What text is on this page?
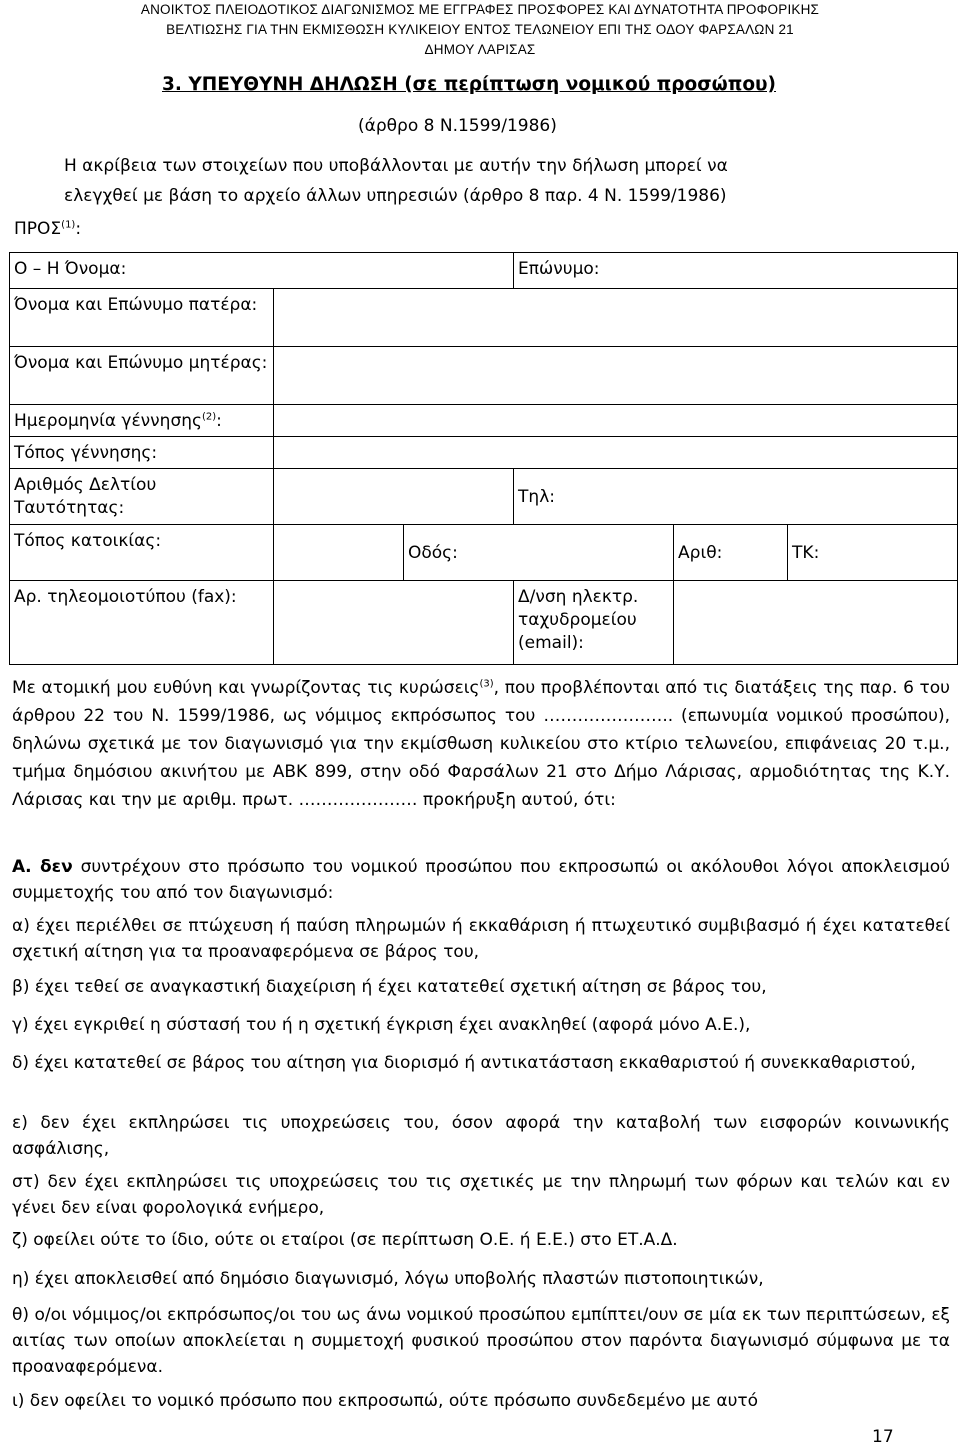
ΑΝΟΙΚΤΟΣ ΠΛΕΙΟΔΟΤΙΚΟΣ ΔΙΑΓΩΝΙΣΜΟΣ ΜΕ ΕΓΓΡΑΦΕΣ ΠΡΟΣΦΟΡΕΣ ΚΑΙ ΔΥΝΑΤΟΤΗΤΑ ΠΡΟΦΟΡΙΚΗΣ
ΒΕΛΤΙΩΣΗΣ ΓΙΑ ΤΗΝ ΕΚΜΙΣΘΩΣΗ ΚΥΛΙΚΕΙΟΥ ΕΝΤΟΣ ΤΕΛΩΝΕΙΟΥ ΕΠΙ ΤΗΣ ΟΔΟΥ ΦΑΡΣΑΛΩΝ 21
ΔΗΜΟΥ ΛΑΡΙΣΑΣ
3. ΥΠΕΥΘΥΝΗ ΔΗΛΩΣΗ (σε περίπτωση νομικού προσώπου)
(άρθρο 8 Ν.1599/1986)
Η ακρίβεια των στοιχείων που υποβάλλονται με αυτήν την δήλωση μπορεί να
ελεγχθεί με βάση το αρχείο άλλων υπηρεσιών (άρθρο 8 παρ. 4 Ν. 1599/1986)
ΠΡΟΣ$^{(1)}$:
Ο – Η Όνομα:			Επώνυμο:		
Όνομα και Επώνυμο πατέρα:					
Όνομα και Επώνυμο μητέρας:					
Ημερομηνία γέννησης$^{(2)}$:					
Τόπος γέννησης:					
Αριθμός Δελτίου Ταυτότητας:			Τηλ:		
Τόπος κατοικίας:		Οδός:		Αριθ:	ΤΚ:
Αρ. τηλεομοιοτύπου (fax):			Δ/νση ηλεκτρ. ταχυδρομείου (email):		
Με ατομική μου ευθύνη και γνωρίζοντας τις κυρώσεις$^{(3)}$, που προβλέπονται από τις διατάξεις της παρ. 6 του άρθρου 22 του Ν. 1599/1986, ως νόμιμος εκπρόσωπος του ………………….. (επωνυμία νομικού προσώπου), δηλώνω σχετικά με τον διαγωνισμό για την εκμίσθωση κυλικείου στο κτίριο τελωνείου, επιφάνειας 20 τ.μ., τμήμα δημόσιου ακινήτου με ΑΒΚ 899, στην οδό Φαρσάλων 21 στο Δήμο Λάρισας, αρμοδιότητας της Κ.Υ. Λάρισας και την με αριθμ. πρωτ. ………………… προκήρυξη αυτού, ότι:
Α. δεν συντρέχουν στο πρόσωπο του νομικού προσώπου που εκπροσωπώ οι ακόλουθοι λόγοι αποκλεισμού συμμετοχής του από τον διαγωνισμό:
α) έχει περιέλθει σε πτώχευση ή παύση πληρωμών ή εκκαθάριση ή πτωχευτικό συμβιβασμό ή έχει κατατεθεί σχετική αίτηση για τα προαναφερόμενα σε βάρος του,
β) έχει τεθεί σε αναγκαστική διαχείριση ή έχει κατατεθεί σχετική αίτηση σε βάρος του,
γ) έχει εγκριθεί η σύστασή του ή η σχετική έγκριση έχει ανακληθεί (αφορά μόνο Α.Ε.),
δ) έχει κατατεθεί σε βάρος του αίτηση για διορισμό ή αντικατάσταση εκκαθαριστού ή συνεκκαθαριστού,
ε) δεν έχει εκπληρώσει τις υποχρεώσεις του, όσον αφορά την καταβολή των εισφορών κοινωνικής ασφάλισης,
στ) δεν έχει εκπληρώσει τις υποχρεώσεις του τις σχετικές με την πληρωμή των φόρων και τελών και εν γένει δεν είναι φορολογικά ενήμερο,
ζ) οφείλει ούτε το ίδιο, ούτε οι εταίροι (σε περίπτωση Ο.Ε. ή Ε.Ε.) στο ΕΤ.Α.Δ.
η) έχει αποκλεισθεί από δημόσιο διαγωνισμό, λόγω υποβολής πλαστών πιστοποιητικών,
θ) ο/οι νόμιμος/οι εκπρόσωπος/οι του ως άνω νομικού προσώπου εμπίπτει/ουν σε μία εκ των περιπτώσεων, εξ αιτίας των οποίων αποκλείεται η συμμετοχή φυσικού προσώπου στον παρόντα διαγωνισμό σύμφωνα με τα προαναφερόμενα.
ι) δεν οφείλει το νομικό πρόσωπο που εκπροσωπώ, ούτε πρόσωπο συνδεδεμένο με αυτό
17
